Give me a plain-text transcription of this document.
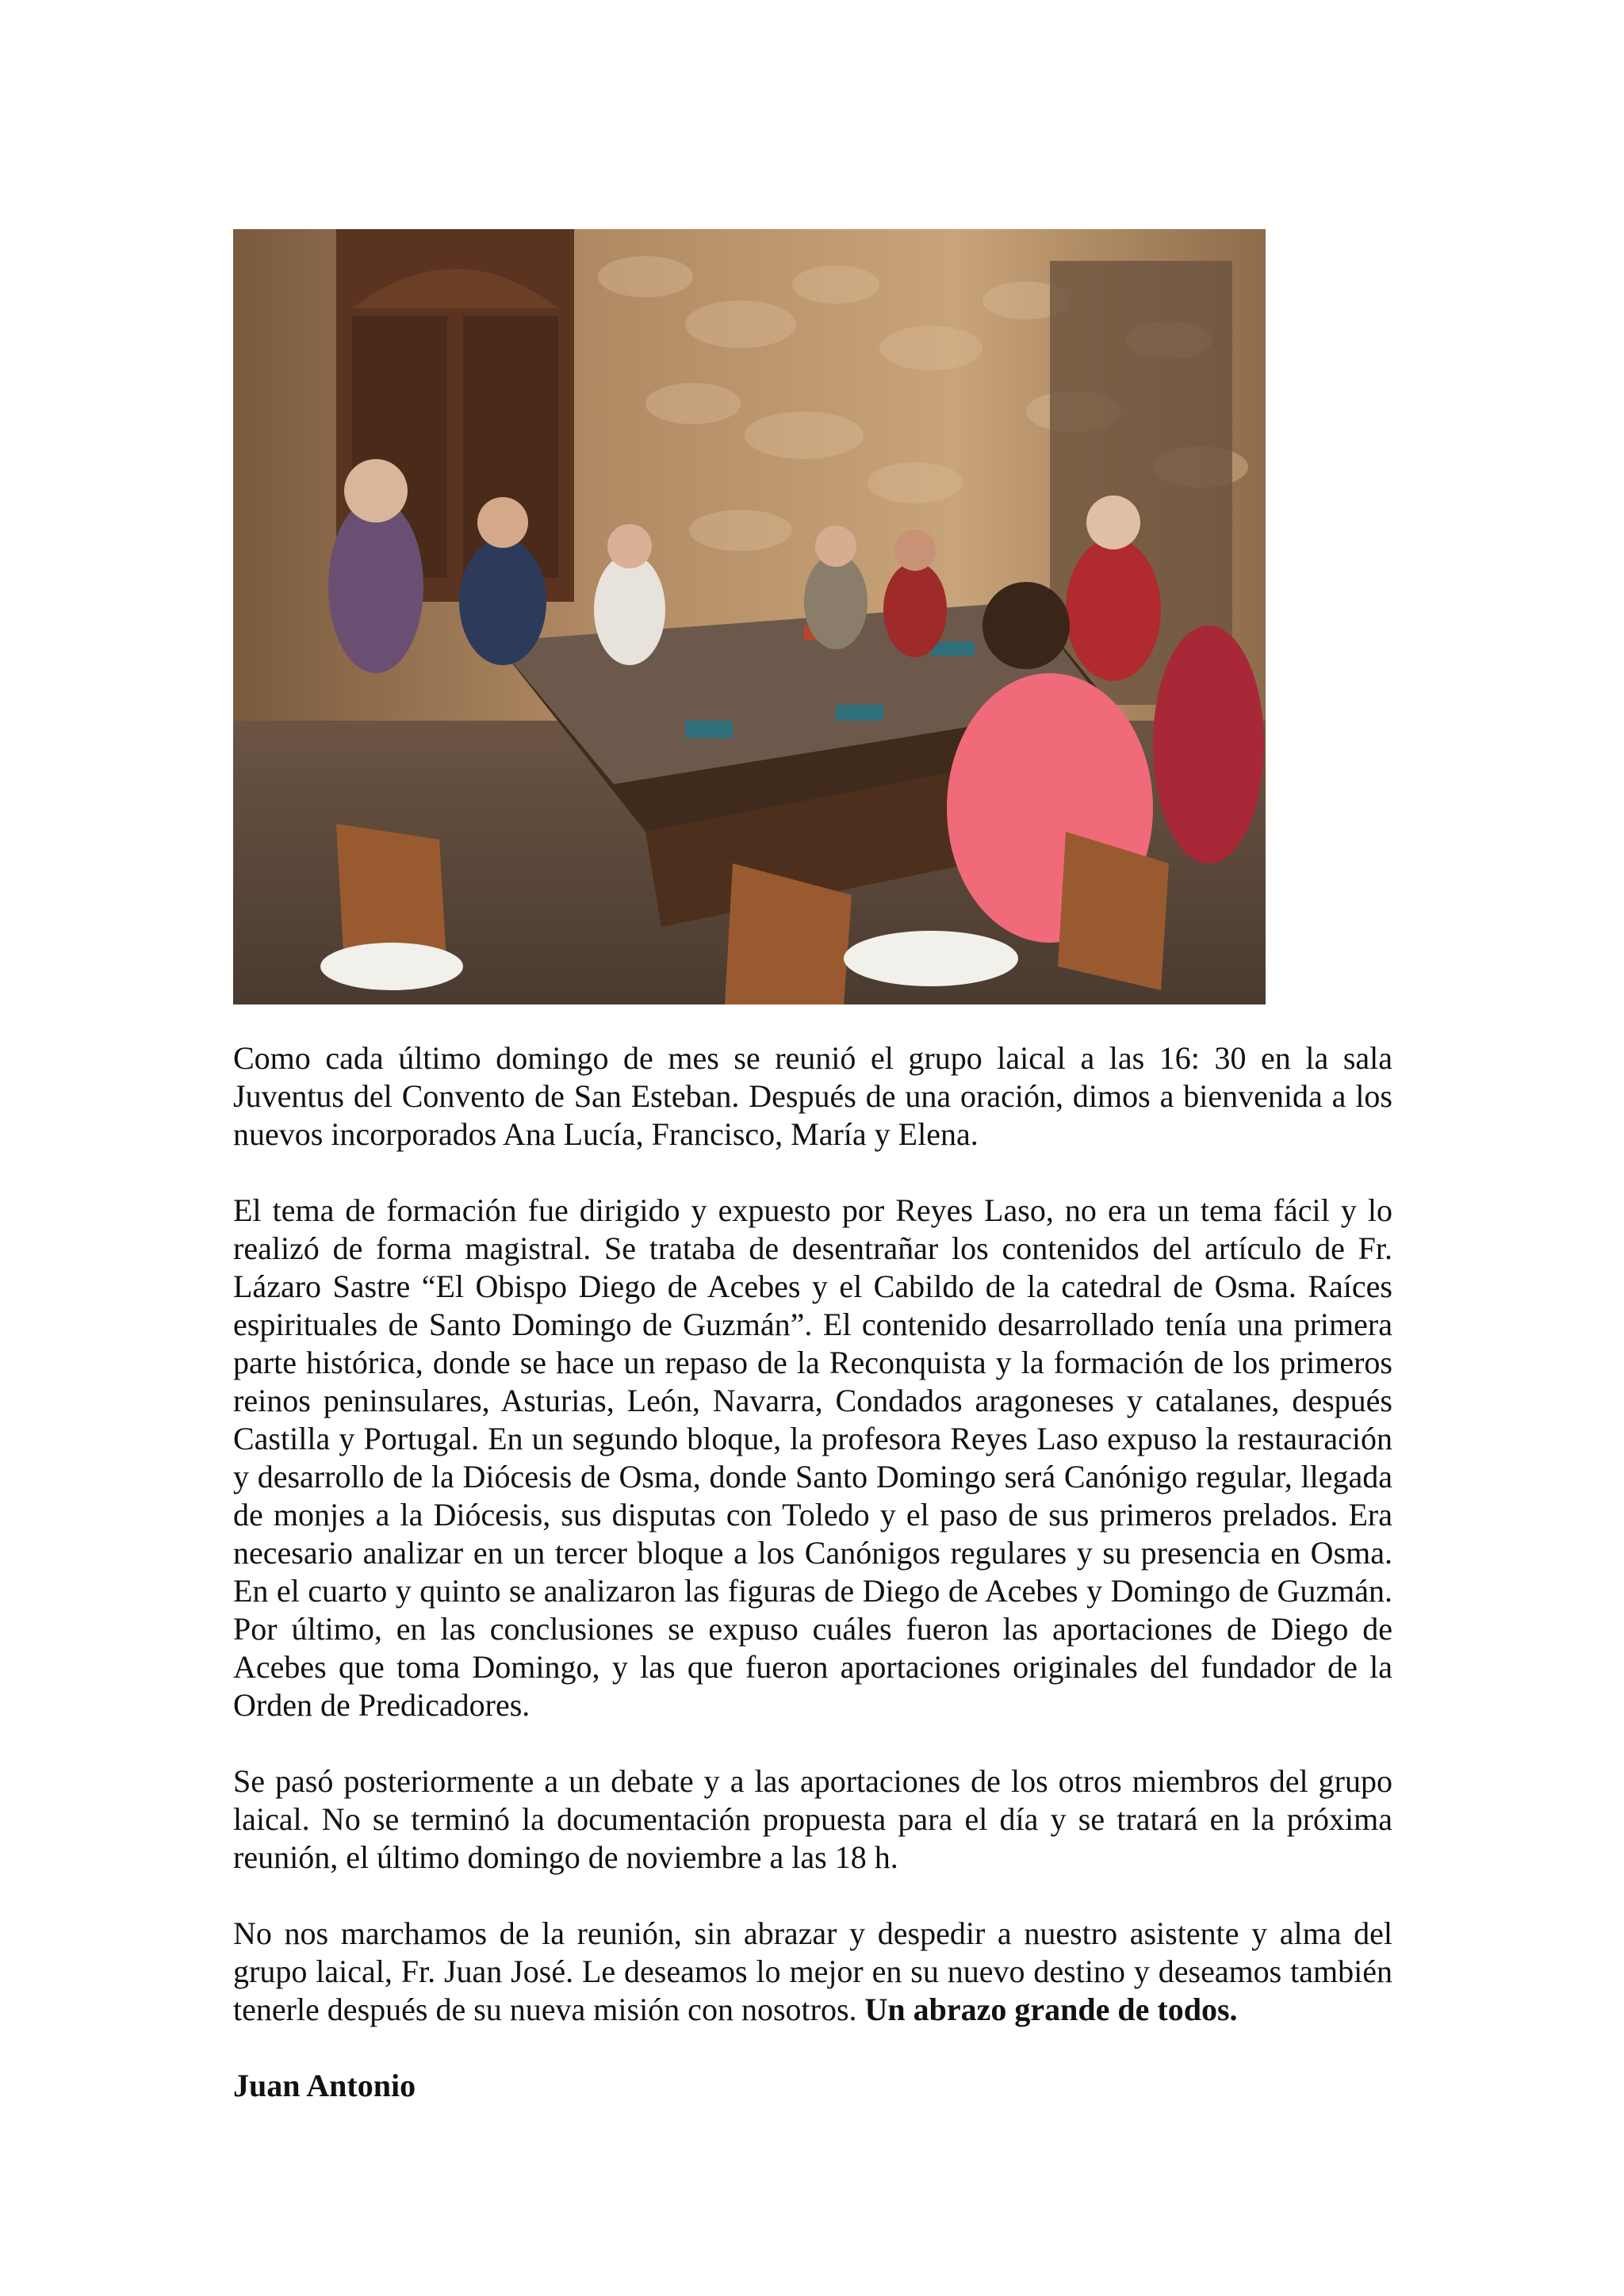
Como cada último domingo de mes se reunió el grupo laical a las 16: 30 en la sala Juventus del Convento de San Esteban. Después de una oración, dimos a bienvenida a los nuevos incorporados Ana Lucía, Francisco, María y Elena.

El tema de formación fue dirigido y expuesto por Reyes Laso, no era un tema fácil y lo realizó de forma magistral. Se trataba de desentrañar los contenidos del artículo de Fr. Lázaro Sastre “El Obispo Diego de Acebes y el Cabildo de la catedral de Osma. Raíces espirituales de Santo Domingo de Guzmán”. El contenido desarrollado tenía una primera parte histórica, donde se hace un repaso de la Reconquista y la formación de los primeros reinos peninsulares, Asturias, León, Navarra, Condados aragoneses y catalanes, después Castilla y Portugal. En un segundo bloque, la profesora Reyes Laso expuso la restauración y desarrollo de la Diócesis de Osma, donde Santo Domingo será Canónigo regular, llegada de monjes a la Diócesis, sus disputas con Toledo y el paso de sus primeros prelados. Era necesario analizar en un tercer bloque a los Canónigos regulares y su presencia en Osma. En el cuarto y quinto se analizaron las figuras de Diego de Acebes y Domingo de Guzmán. Por último, en las conclusiones se expuso cuáles fueron las aportaciones de Diego de Acebes que toma Domingo, y las que fueron aportaciones originales del fundador de la Orden de Predicadores.

Se pasó posteriormente a un debate y a las aportaciones de los otros miembros del grupo laical. No se terminó la documentación propuesta para el día y se tratará en la próxima reunión, el último domingo de noviembre a las 18 h.

No nos marchamos de la reunión, sin abrazar y despedir a nuestro asistente y alma del grupo laical, Fr. Juan José. Le deseamos lo mejor en su nuevo destino y deseamos también tenerle después de su nueva misión con nosotros. Un abrazo grande de todos.

Juan Antonio
